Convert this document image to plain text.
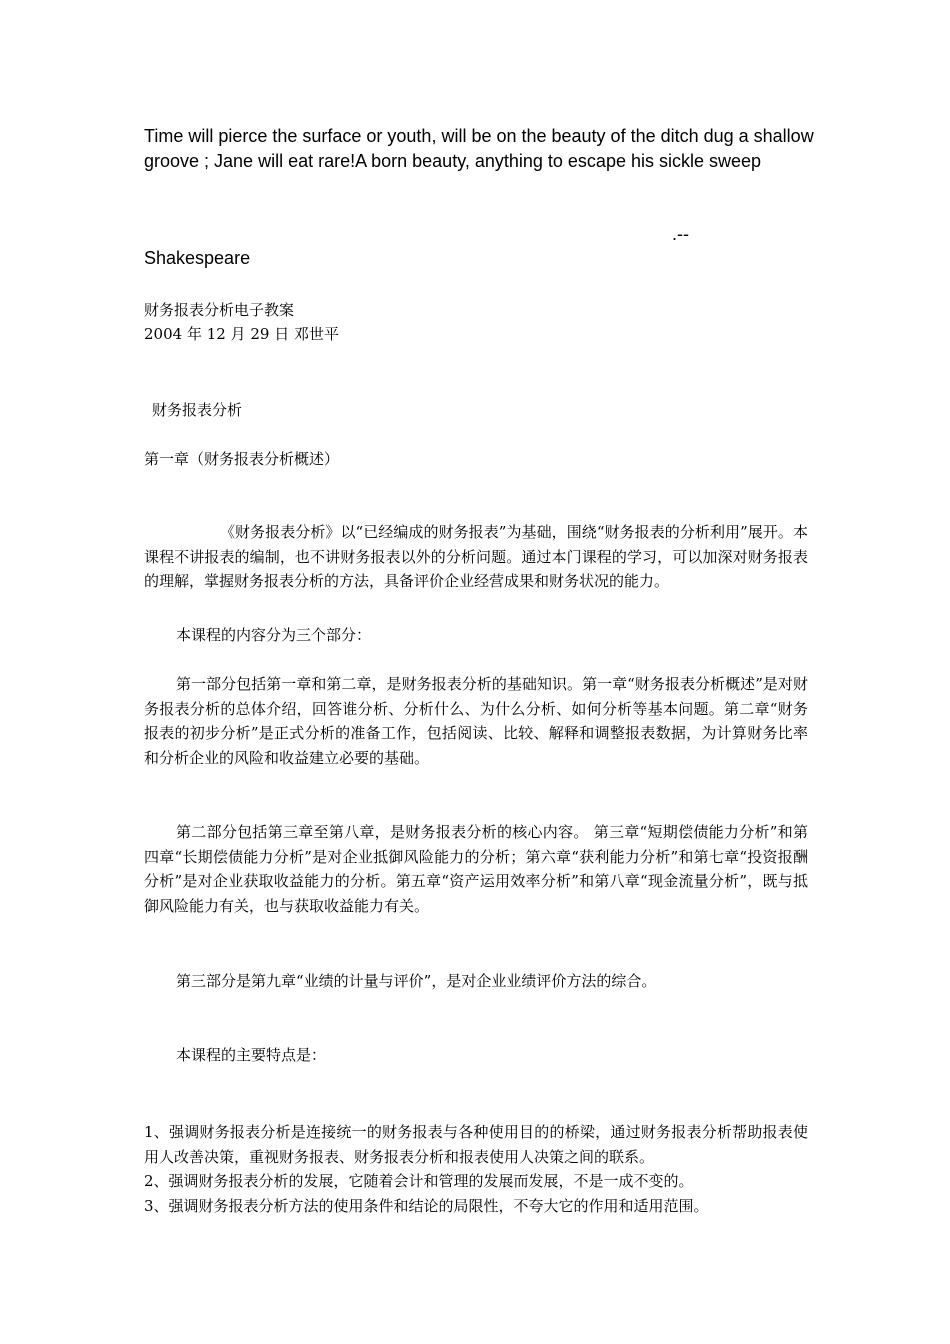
Time will pierce the surface or youth, will be on the beauty of the ditch dug a shallow groove ; Jane will eat rare!A born beauty, anything to escape his sickle sweep
.--
Shakespeare
财务报表分析电子教案
2004 年 12 月 29 日 邓世平
财务报表分析
第一章（财务报表分析概述）
《财务报表分析》以“已经编成的财务报表”为基础，围绕“财务报表的分析利用”展开。本课程不讲报表的编制，也不讲财务报表以外的分析问题。通过本门课程的学习，可以加深对财务报表的理解，掌握财务报表分析的方法，具备评价企业经营成果和财务状况的能力。
本课程的内容分为三个部分：
第一部分包括第一章和第二章，是财务报表分析的基础知识。第一章“财务报表分析概述”是对财务报表分析的总体介绍，回答谁分析、分析什么、为什么分析、如何分析等基本问题。第二章“财务报表的初步分析”是正式分析的准备工作，包括阅读、比较、解释和调整报表数据，为计算财务比率和分析企业的风险和收益建立必要的基础。
第二部分包括第三章至第八章，是财务报表分析的核心内容。 第三章“短期偿债能力分析”和第四章“长期偿债能力分析”是对企业抵御风险能力的分析；第六章“获利能力分析”和第七章“投资报酬分析”是对企业获取收益能力的分析。第五章“资产运用效率分析”和第八章“现金流量分析”，既与抵御风险能力有关，也与获取收益能力有关。
第三部分是第九章“业绩的计量与评价”，是对企业业绩评价方法的综合。
本课程的主要特点是：
1、强调财务报表分析是连接统一的财务报表与各种使用目的的桥梁，通过财务报表分析帮助报表使用人改善决策，重视财务报表、财务报表分析和报表使用人决策之间的联系。
2、强调财务报表分析的发展，它随着会计和管理的发展而发展，不是一成不变的。
3、强调财务报表分析方法的使用条件和结论的局限性，不夸大它的作用和适用范围。
